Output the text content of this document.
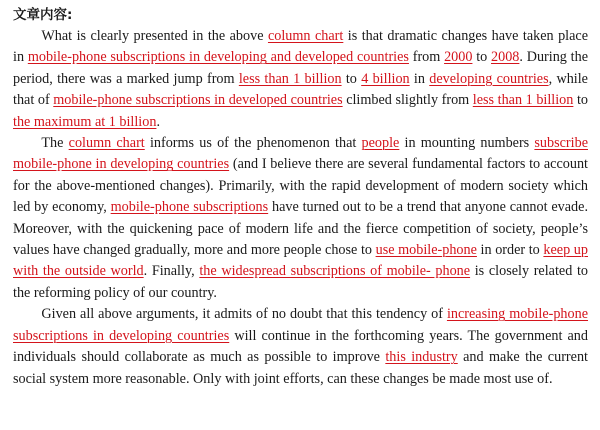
文章内容:

What is clearly presented in the above column chart is that dramatic changes have taken place in mobile-phone subscriptions in developing and developed countries from 2000 to 2008. During the period, there was a marked jump from less than 1 billion to 4 billion in developing countries, while that of mobile-phone subscriptions in developed countries climbed slightly from less than 1 billion to the maximum at 1 billion.

The column chart informs us of the phenomenon that people in mounting numbers subscribe mobile-phone in developing countries (and I believe there are several fundamental factors to account for the above-mentioned changes). Primarily, with the rapid development of modern society which led by economy, mobile-phone subscriptions have turned out to be a trend that anyone cannot evade. Moreover, with the quickening pace of modern life and the fierce competition of society, people’s values have changed gradually, more and more people chose to use mobile-phone in order to keep up with the outside world. Finally, the widespread subscriptions of mobile- phone is closely related to the reforming policy of our country.

Given all above arguments, it admits of no doubt that this tendency of increasing mobile-phone subscriptions in developing countries will continue in the forthcoming years. The government and individuals should collaborate as much as possible to improve this industry and make the current social system more reasonable. Only with joint efforts, can these changes be made most use of.
